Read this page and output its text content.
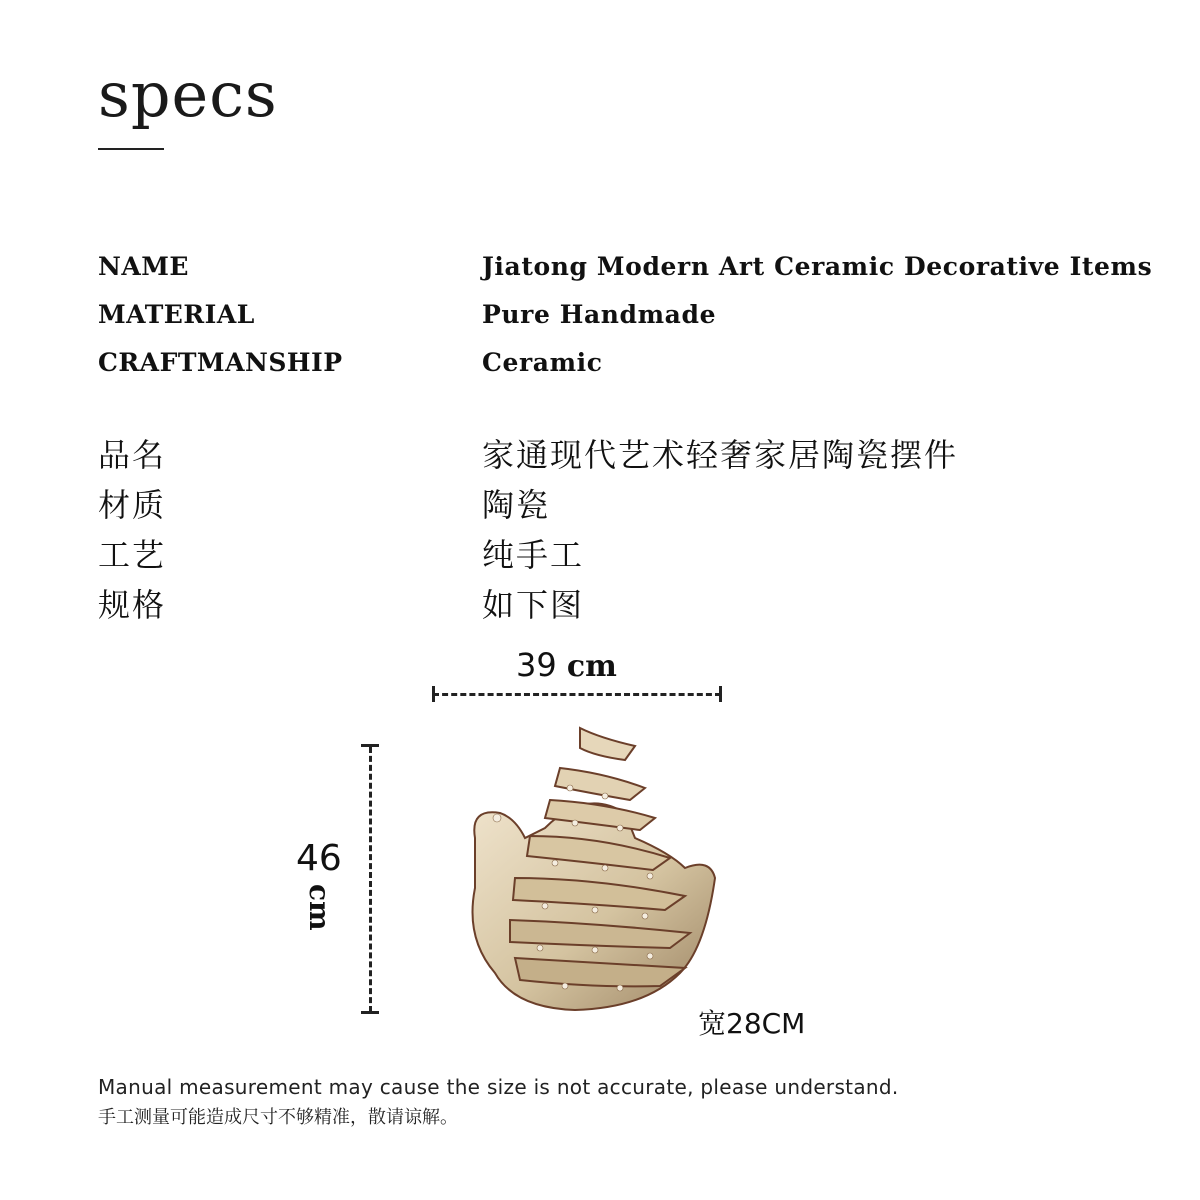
specs
NAME	Jiatong Modern Art Ceramic Decorative Items
MATERIAL	Pure Handmade
CRAFTMANSHIP	Ceramic
品名	家通现代艺术轻奢家居陶瓷摆件
材质	陶瓷
工艺	纯手工
规格	如下图
39 cm
46
cm
宽28CM
Manual measurement may cause the size is not accurate, please understand.
手工测量可能造成尺寸不够精准，散请谅解。
